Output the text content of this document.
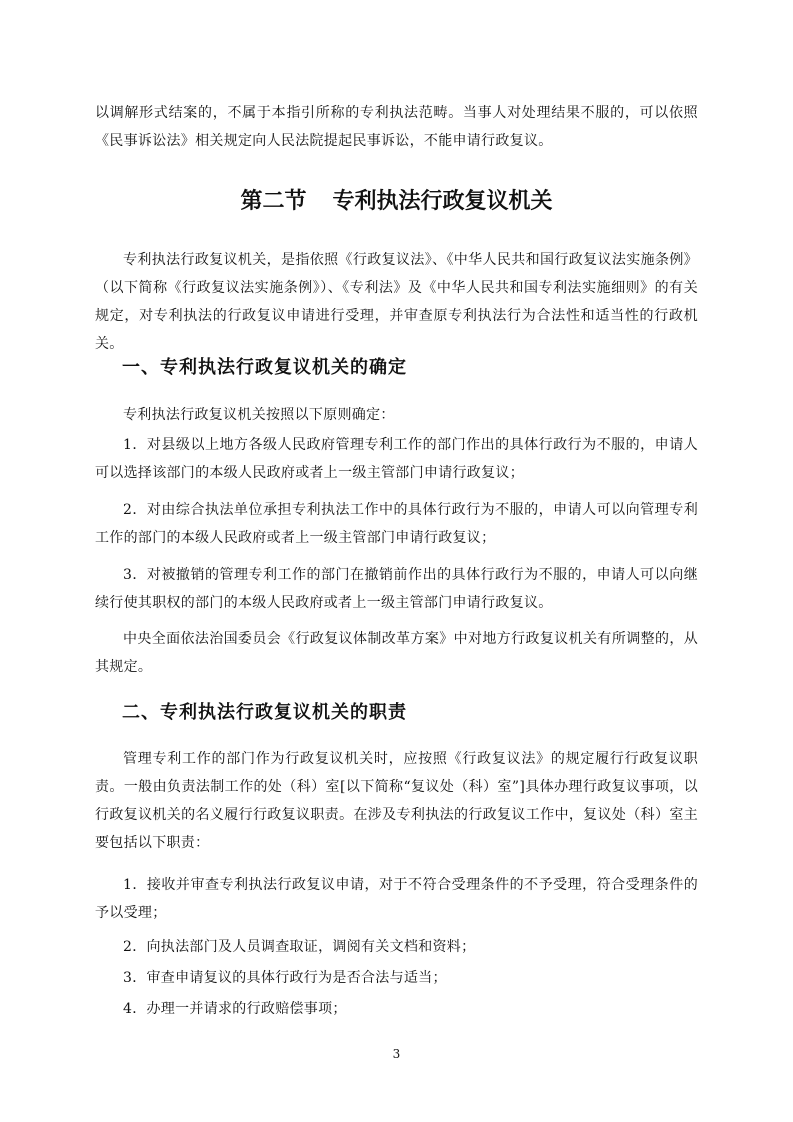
以调解形式结案的，不属于本指引所称的专利执法范畴。当事人对处理结果不服的，可以依照《民事诉讼法》相关规定向人民法院提起民事诉讼，不能申请行政复议。

第二节 专利执法行政复议机关

专利执法行政复议机关，是指依照《行政复议法》、《中华人民共和国行政复议法实施条例》（以下简称《行政复议法实施条例》）、《专利法》及《中华人民共和国专利法实施细则》的有关规定，对专利执法的行政复议申请进行受理，并审查原专利执法行为合法性和适当性的行政机关。

一、专利执法行政复议机关的确定

专利执法行政复议机关按照以下原则确定：

1．对县级以上地方各级人民政府管理专利工作的部门作出的具体行政行为不服的，申请人可以选择该部门的本级人民政府或者上一级主管部门申请行政复议；

2．对由综合执法单位承担专利执法工作中的具体行政行为不服的，申请人可以向管理专利工作的部门的本级人民政府或者上一级主管部门申请行政复议；

3．对被撤销的管理专利工作的部门在撤销前作出的具体行政行为不服的，申请人可以向继续行使其职权的部门的本级人民政府或者上一级主管部门申请行政复议。

中央全面依法治国委员会《行政复议体制改革方案》中对地方行政复议机关有所调整的，从其规定。

二、专利执法行政复议机关的职责

管理专利工作的部门作为行政复议机关时，应按照《行政复议法》的规定履行行政复议职责。一般由负责法制工作的处（科）室[以下简称“复议处（科）室”]具体办理行政复议事项，以行政复议机关的名义履行行政复议职责。在涉及专利执法的行政复议工作中，复议处（科）室主要包括以下职责：

1．接收并审查专利执法行政复议申请，对于不符合受理条件的不予受理，符合受理条件的予以受理；

2．向执法部门及人员调查取证，调阅有关文档和资料；

3．审查申请复议的具体行政行为是否合法与适当；

4．办理一并请求的行政赔偿事项；

3
